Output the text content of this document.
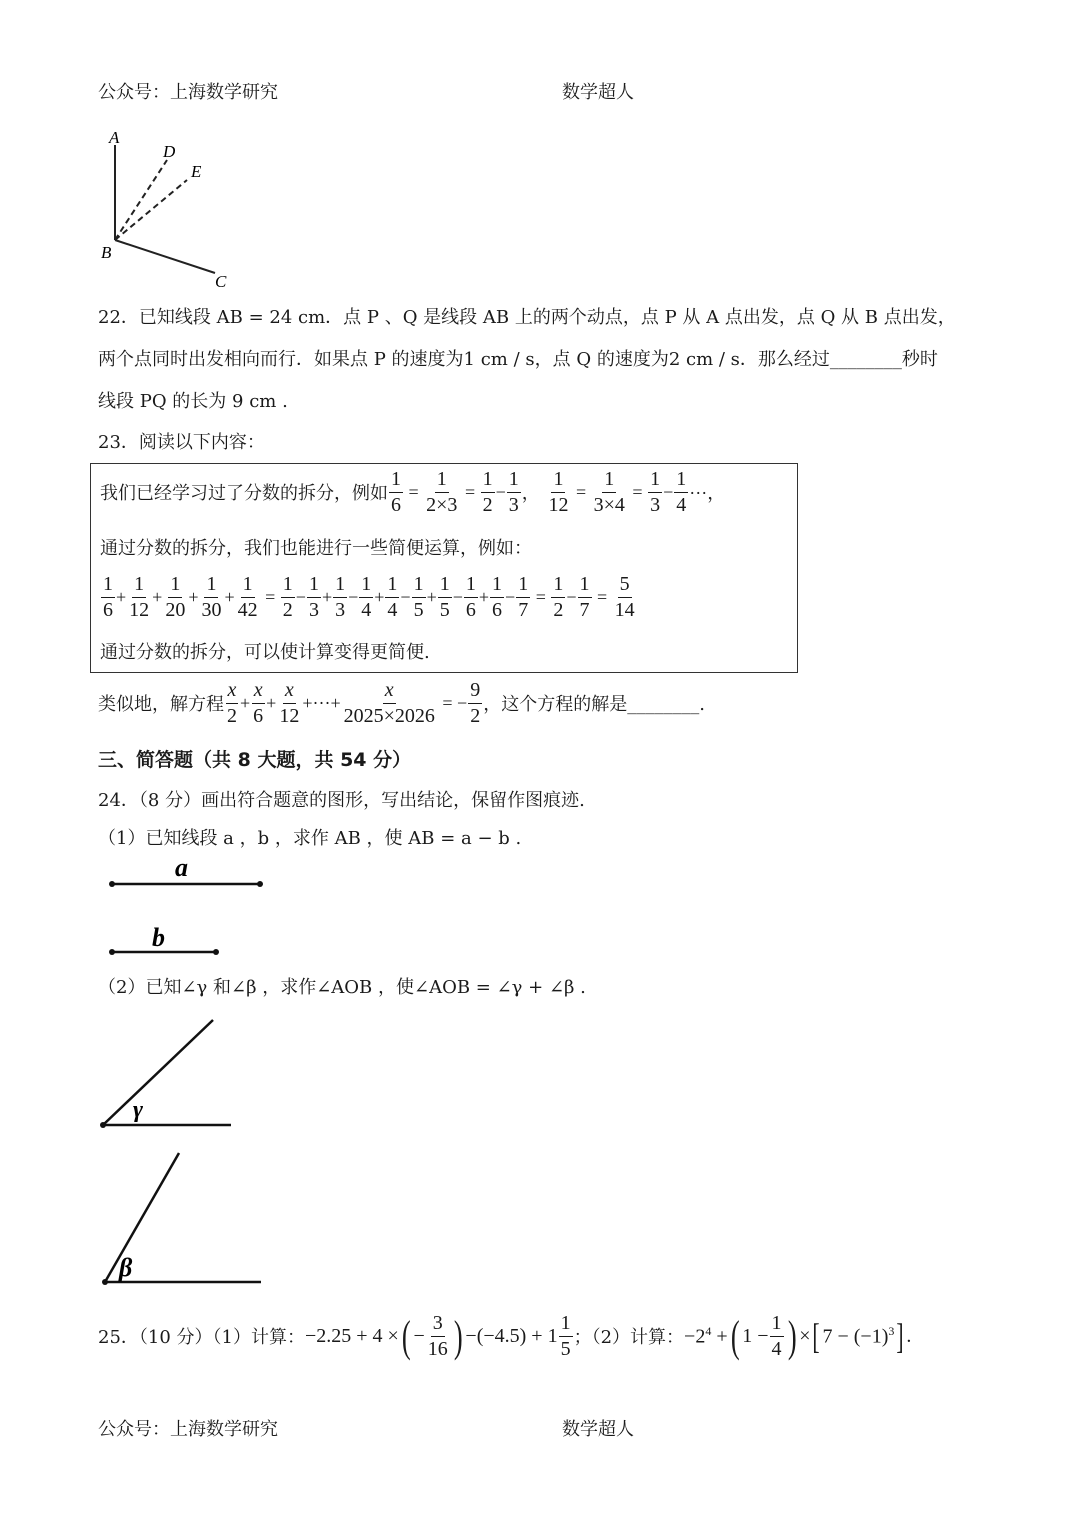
公众号：上海数学研究	数学超人
A
D
E
B
C
22．已知线段 AB = 24 cm．点 P 、Q 是线段 AB 上的两个动点，点 P 从 A 点出发，点 Q 从 B 点出发，
两个点同时出发相向而行．如果点 P 的速度为1 cm / s，点 Q 的速度为2 cm / s．那么经过________秒时
线段 PQ 的长为 9 cm .
23．阅读以下内容：
我们已经学习过了分数的拆分，例如 $\frac{1}{6} = \frac{1}{2\times 3} = \frac{1}{2} - \frac{1}{3}$ ， $\frac{1}{12} = \frac{1}{3\times 4} = \frac{1}{3} - \frac{1}{4}$ ···，
通过分数的拆分，我们也能进行一些简便运算，例如：
$\frac{1}{6} + \frac{1}{12} + \frac{1}{20} + \frac{1}{30} + \frac{1}{42} = \frac{1}{2} - \frac{1}{3} + \frac{1}{3} - \frac{1}{4} + \frac{1}{4} - \frac{1}{5} + \frac{1}{5} - \frac{1}{6} + \frac{1}{6} - \frac{1}{7} = \frac{1}{2} - \frac{1}{7} = \frac{5}{14}$
通过分数的拆分，可以使计算变得更简便.
类似地，解方程 $\frac{x}{2} + \frac{x}{6} + \frac{x}{12}$ +···+ $\frac{x}{2025\times 2026}$ = − $\frac{9}{2}$ ，这个方程的解是________.
三、简答题（共 8 大题，共 54 分）
24．（8 分）画出符合题意的图形，写出结论，保留作图痕迹.
（1）已知线段 a ，b ，求作 AB ，使 AB = a − b .
a
b
（2）已知∠γ 和∠β ，求作∠AOB ，使∠AOB = ∠γ + ∠β .
γ
β
25．（10 分）（1）计算： −2.25 + 4 × ( − $\frac{3}{16}$ ) $-(-4.5) + 1 \frac{1}{5}$ ；（2）计算： $-2^4$ + ( $1 - \frac{1}{4}$ ) × [ $7 - (-1)^3$ ] .
公众号：上海数学研究	数学超人
